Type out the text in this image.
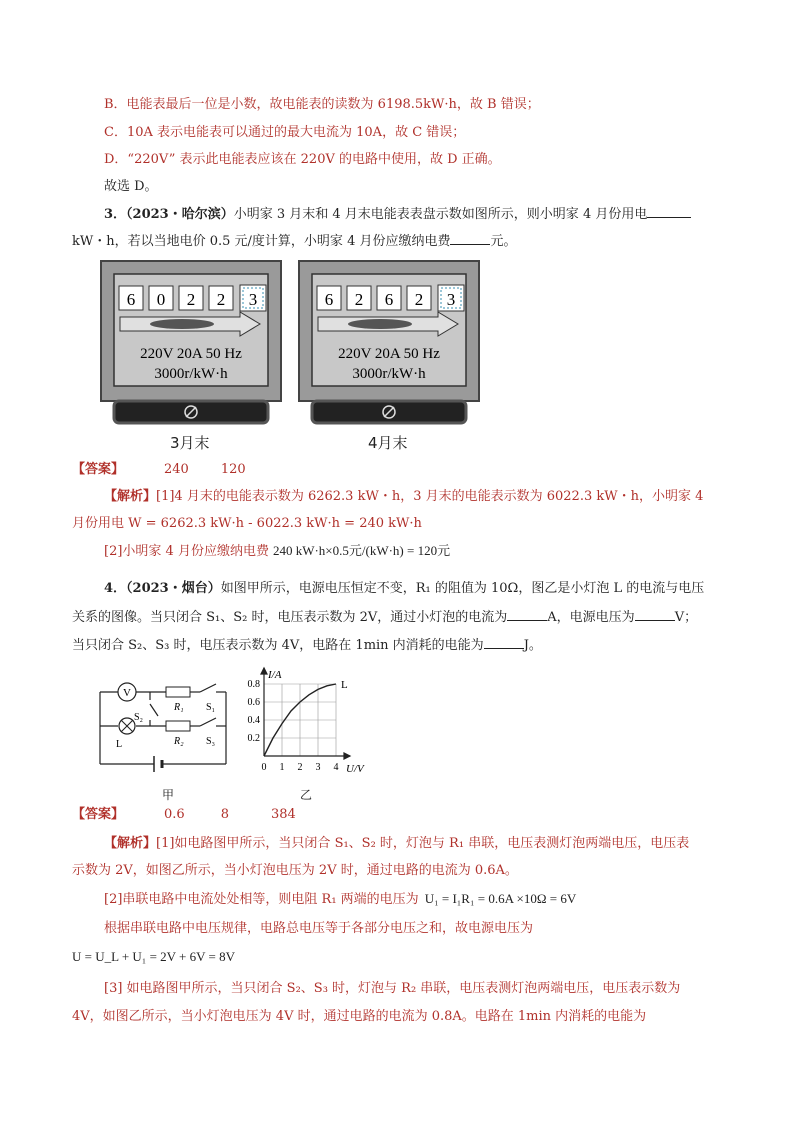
B．电能表最后一位是小数，故电能表的读数为 6198.5kW·h，故 B 错误；
C．10A 表示电能表可以通过的最大电流为 10A，故 C 错误；
D．“220V” 表示此电能表应该在 220V 的电路中使用，故 D 正确。
故选 D。
3．（2023・哈尔滨）小明家 3 月末和 4 月末电能表表盘示数如图所示，则小明家 4 月份用电
kW・h，若以当地电价 0.5 元/度计算，小明家 4 月份应缴纳电费	元。
6 0 2 2 3
220V 20A 50 Hz
3000r/kW·h
3月末
6 2 6 2 3
220V 20A 50 Hz
3000r/kW·h
4月末
【答案】	240 120
【解析】[1]4 月末的电能表示数为 6262.3 kW・h，3 月末的电能表示数为 6022.3 kW・h，小明家 4
月份用电 W = 6262.3 kW·h - 6022.3 kW·h = 240 kW·h
[2]小明家 4 月份应缴纳电费 240 kW·h×0.5元/(kW·h) = 120元
4．（2023・烟台）如图甲所示，电源电压恒定不变，R₁ 的阻值为 10Ω，图乙是小灯泡 L 的电流与电压
关系的图像。当只闭合 S₁、S₂ 时，电压表示数为 2V，通过小灯泡的电流为	A，电源电压为	V；
当只闭合 S₂、S₃ 时，电压表示数为 4V，电路在 1min 内消耗的电能为	J。
V
R₁ S₁
S₂
L	R₂ S₃
甲
0 1 2 3 4
0.2
0.4
0.6
0.8	L
I/A
U/V
乙
【答案】	0.6	8	384
【解析】[1]如电路图甲所示，当只闭合 S₁、S₂ 时，灯泡与 R₁ 串联，电压表测灯泡两端电压，电压表
示数为 2V，如图乙所示，当小灯泡电压为 2V 时，通过电路的电流为 0.6A。
[2]串联电路中电流处处相等，则电阻 R₁ 两端的电压为 U₁ = I₁R₁ = 0.6A ×10Ω = 6V
根据串联电路中电压规律，电路总电压等于各部分电压之和，故电源电压为
U = U_L + U₁ = 2V + 6V = 8V
[3] 如电路图甲所示，当只闭合 S₂、S₃ 时，灯泡与 R₂ 串联，电压表测灯泡两端电压，电压表示数为
4V，如图乙所示，当小灯泡电压为 4V 时，通过电路的电流为 0.8A。电路在 1min 内消耗的电能为
